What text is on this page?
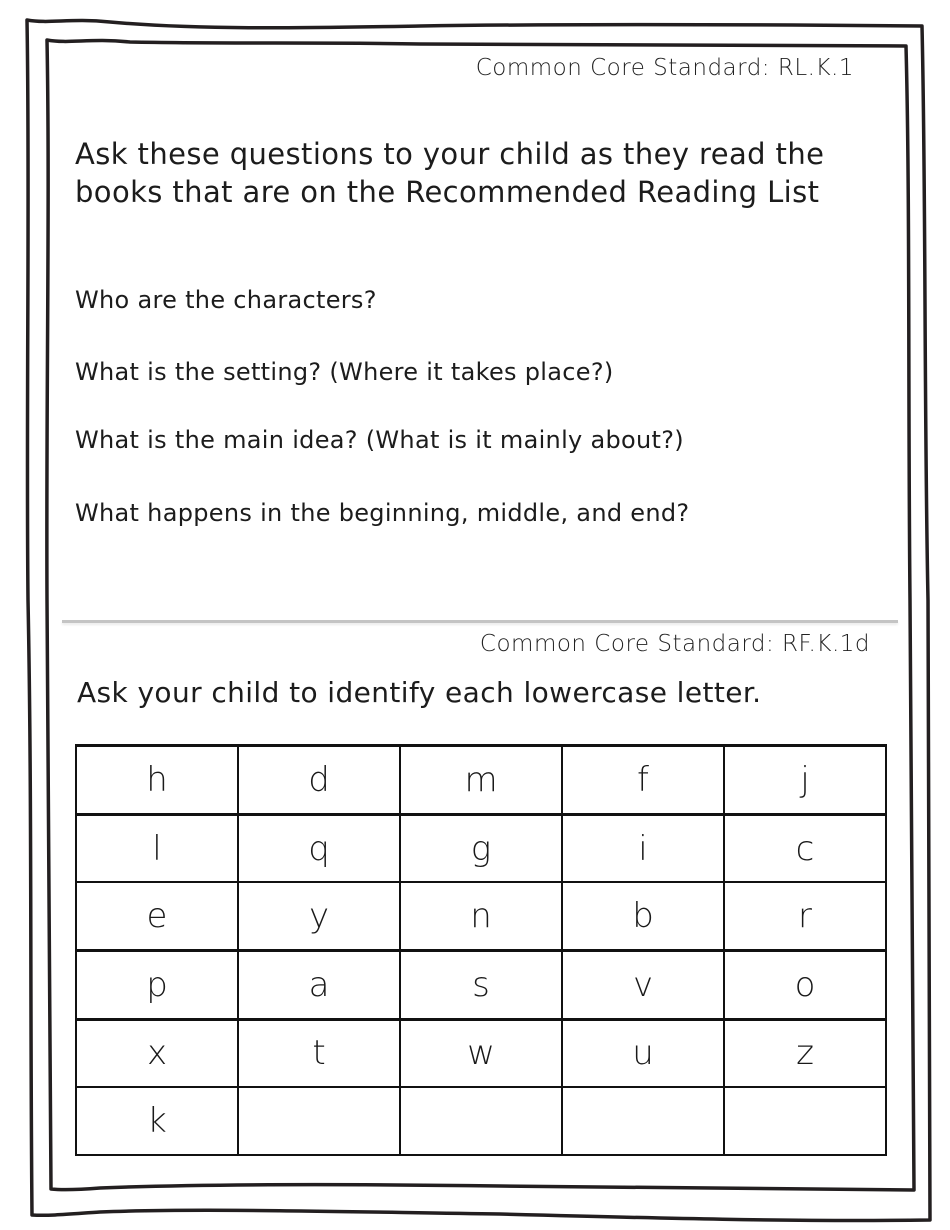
Common Core Standard: RL.K.1
Ask these questions to your child as they read the books that are on the Recommended Reading List
Who are the characters?
What is the setting? (Where it takes place?)
What is the main idea? (What is it mainly about?)
What happens in the beginning, middle, and end?
Common Core Standard: RF.K.1d
Ask your child to identify each lowercase letter.
h	d	m	f	j
l	q	g	i	c
e	y	n	b	r
p	a	s	v	o
x	t	w	u	z
k				
